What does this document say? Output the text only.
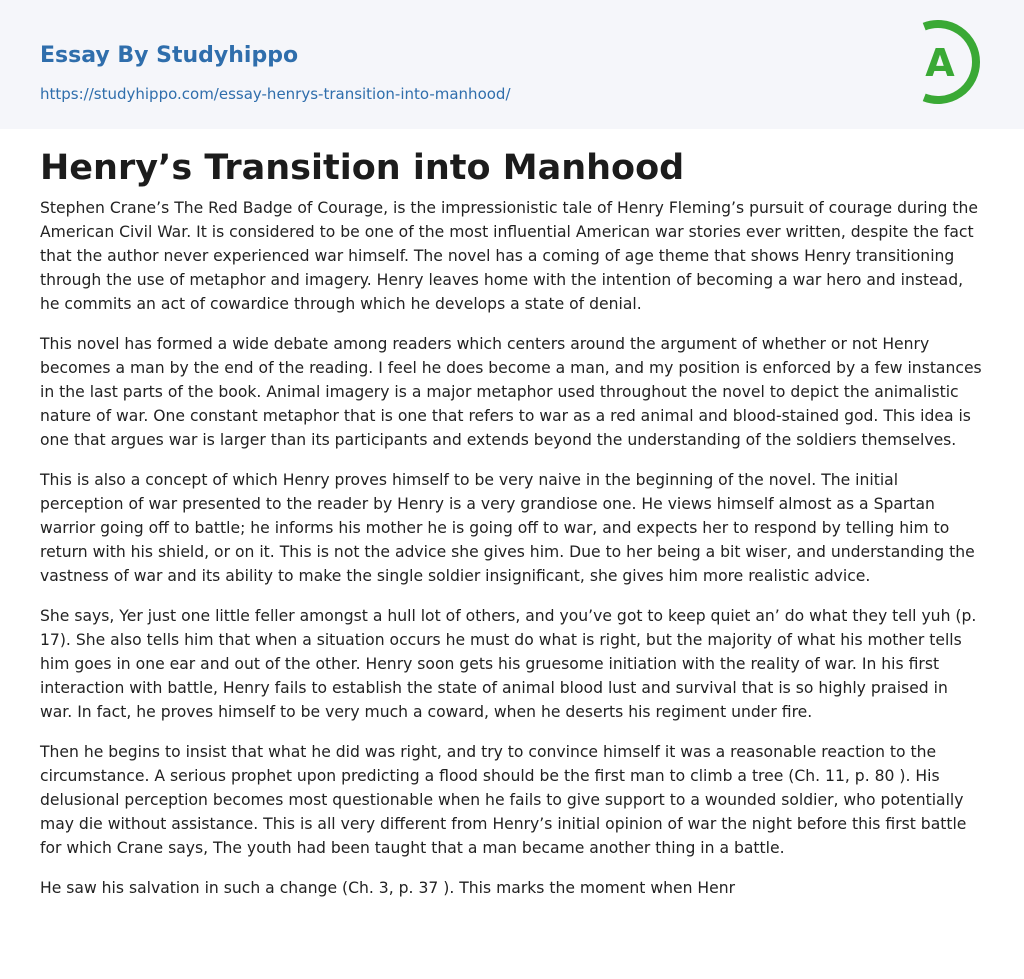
Essay By Studyhippo
https://studyhippo.com/essay-henrys-transition-into-manhood/
A
Henry’s Transition into Manhood

Stephen Crane’s The Red Badge of Courage, is the impressionistic tale of Henry Fleming’s pursuit of courage during the American Civil War. It is considered to be one of the most influential American war stories ever written, despite the fact that the author never experienced war himself. The novel has a coming of age theme that shows Henry transitioning through the use of metaphor and imagery. Henry leaves home with the intention of becoming a war hero and instead, he commits an act of cowardice through which he develops a state of denial.

This novel has formed a wide debate among readers which centers around the argument of whether or not Henry becomes a man by the end of the reading. I feel he does become a man, and my position is enforced by a few instances in the last parts of the book. Animal imagery is a major metaphor used throughout the novel to depict the animalistic nature of war. One constant metaphor that is one that refers to war as a red animal and blood-stained god. This idea is one that argues war is larger than its participants and extends beyond the understanding of the soldiers themselves.

This is also a concept of which Henry proves himself to be very naive in the beginning of the novel. The initial perception of war presented to the reader by Henry is a very grandiose one. He views himself almost as a Spartan warrior going off to battle; he informs his mother he is going off to war, and expects her to respond by telling him to return with his shield, or on it. This is not the advice she gives him. Due to her being a bit wiser, and understanding the vastness of war and its ability to make the single soldier insignificant, she gives him more realistic advice.

She says, Yer just one little feller amongst a hull lot of others, and you’ve got to keep quiet an’ do what they tell yuh (p. 17). She also tells him that when a situation occurs he must do what is right, but the majority of what his mother tells him goes in one ear and out of the other. Henry soon gets his gruesome initiation with the reality of war. In his first interaction with battle, Henry fails to establish the state of animal blood lust and survival that is so highly praised in war. In fact, he proves himself to be very much a coward, when he deserts his regiment under fire.

Then he begins to insist that what he did was right, and try to convince himself it was a reasonable reaction to the circumstance. A serious prophet upon predicting a flood should be the first man to climb a tree (Ch. 11, p. 80 ). His delusional perception becomes most questionable when he fails to give support to a wounded soldier, who potentially may die without assistance. This is all very different from Henry’s initial opinion of war the night before this first battle for which Crane says, The youth had been taught that a man became another thing in a battle.

He saw his salvation in such a change (Ch. 3, p. 37 ). This marks the moment when Henr
